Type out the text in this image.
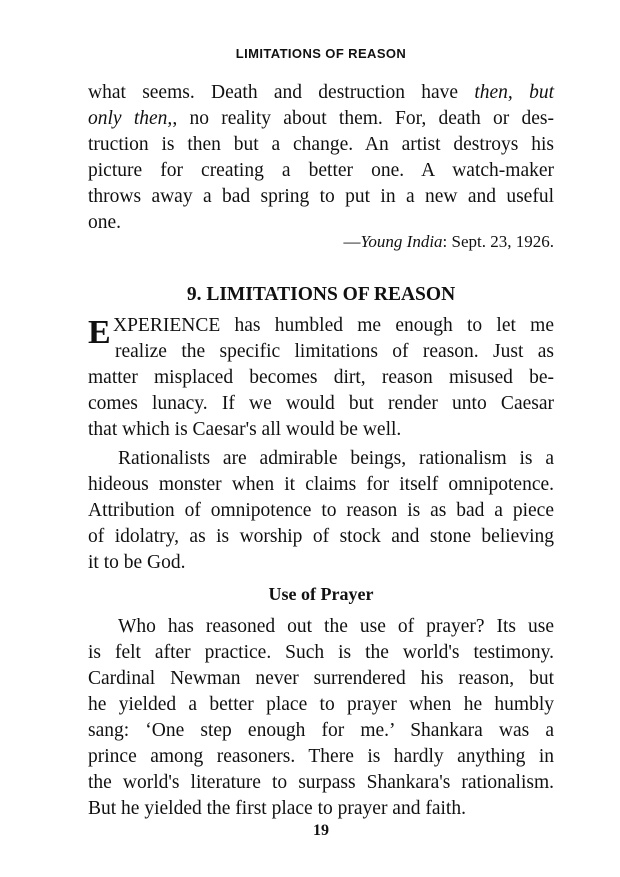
LIMITATIONS OF REASON

what seems. Death and destruction have then, but
only then,, no reality about them. For, death or des-
truction is then but a change. An artist destroys his
picture for creating a better one. A watch-maker
throws away a bad spring to put in a new and useful
one.

—Young India: Sept. 23, 1926.
9. LIMITATIONS OF REASON
E XPERIENCE has humbled me enough to let me
realize the specific limitations of reason. Just as
matter misplaced becomes dirt, reason misused be-
comes lunacy. If we would but render unto Caesar
that which is Caesar's all would be well.

Rationalists are admirable beings, rationalism is a
hideous monster when it claims for itself omnipotence.
Attribution of omnipotence to reason is as bad a piece
of idolatry, as is worship of stock and stone believing
it to be God.

Use of Prayer

Who has reasoned out the use of prayer? Its use
is felt after practice. Such is the world's testimony.
Cardinal Newman never surrendered his reason, but
he yielded a better place to prayer when he humbly
sang: ‘One step enough for me.’ Shankara was a
prince among reasoners. There is hardly anything in
the world's literature to surpass Shankara's rationalism.
But he yielded the first place to prayer and faith.

19
